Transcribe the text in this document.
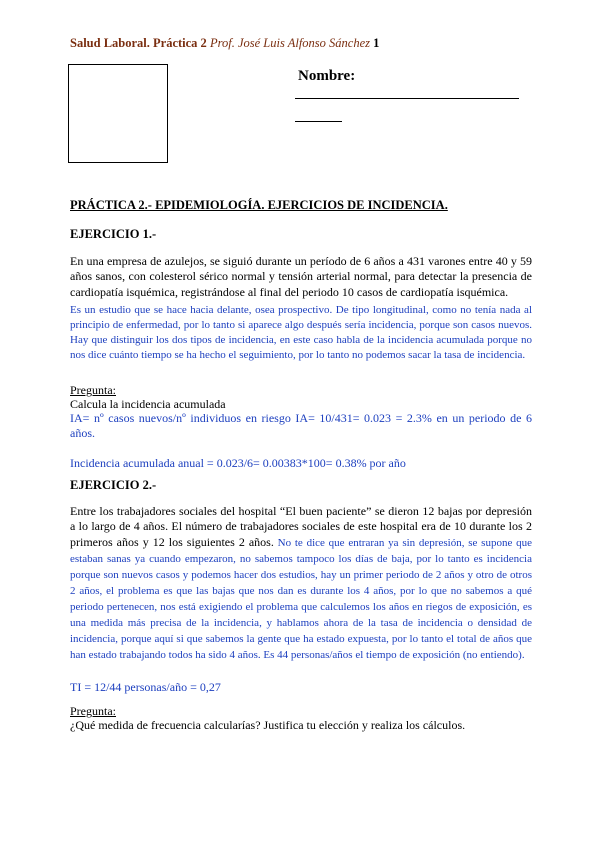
Salud Laboral. Práctica 2 Prof. José Luis Alfonso Sánchez 1
Nombre:
PRÁCTICA 2.- EPIDEMIOLOGÍA. EJERCICIOS DE INCIDENCIA.
EJERCICIO 1.-
En una empresa de azulejos, se siguió durante un período de 6 años a 431 varones entre 40 y 59 años sanos, con colesterol sérico normal y tensión arterial normal, para detectar la presencia de cardiopatía isquémica, registrándose al final del periodo 10 casos de cardiopatía isquémica.
Es un estudio que se hace hacia delante, osea prospectivo. De tipo longitudinal, como no tenía nada al principio de enfermedad, por lo tanto si aparece algo después sería incidencia, porque son casos nuevos. Hay que distinguir los dos tipos de incidencia, en este caso habla de la incidencia acumulada porque no nos dice cuánto tiempo se ha hecho el seguimiento, por lo tanto no podemos sacar la tasa de incidencia.
Pregunta:
Calcula la incidencia acumulada
IA= nº casos nuevos/nº individuos en riesgo IA= 10/431= 0.023 = 2.3% en un periodo de 6 años.
Incidencia acumulada anual = 0.023/6= 0.00383*100= 0.38% por año
EJERCICIO 2.-
Entre los trabajadores sociales del hospital “El buen paciente” se dieron 12 bajas por depresión a lo largo de 4 años. El número de trabajadores sociales de este hospital era de 10 durante los 2 primeros años y 12 los siguientes 2 años. No te dice que entraran ya sin depresión, se supone que estaban sanas ya cuando empezaron, no sabemos tampoco los días de baja, por lo tanto es incidencia porque son nuevos casos y podemos hacer dos estudios, hay un primer periodo de 2 años y otro de otros 2 años, el problema es que las bajas que nos dan es durante los 4 años, por lo que no sabemos a qué periodo pertenecen, nos está exigiendo el problema que calculemos los años en riegos de exposición, es una medida más precisa de la incidencia, y hablamos ahora de la tasa de incidencia o densidad de incidencia, porque aquí si que sabemos la gente que ha estado expuesta, por lo tanto el total de años que han estado trabajando todos ha sido 4 años. Es 44 personas/años el tiempo de exposición (no entiendo).
TI = 12/44 personas/año = 0,27
Pregunta:
¿Qué medida de frecuencia calcularías? Justifica tu elección y realiza los cálculos.
